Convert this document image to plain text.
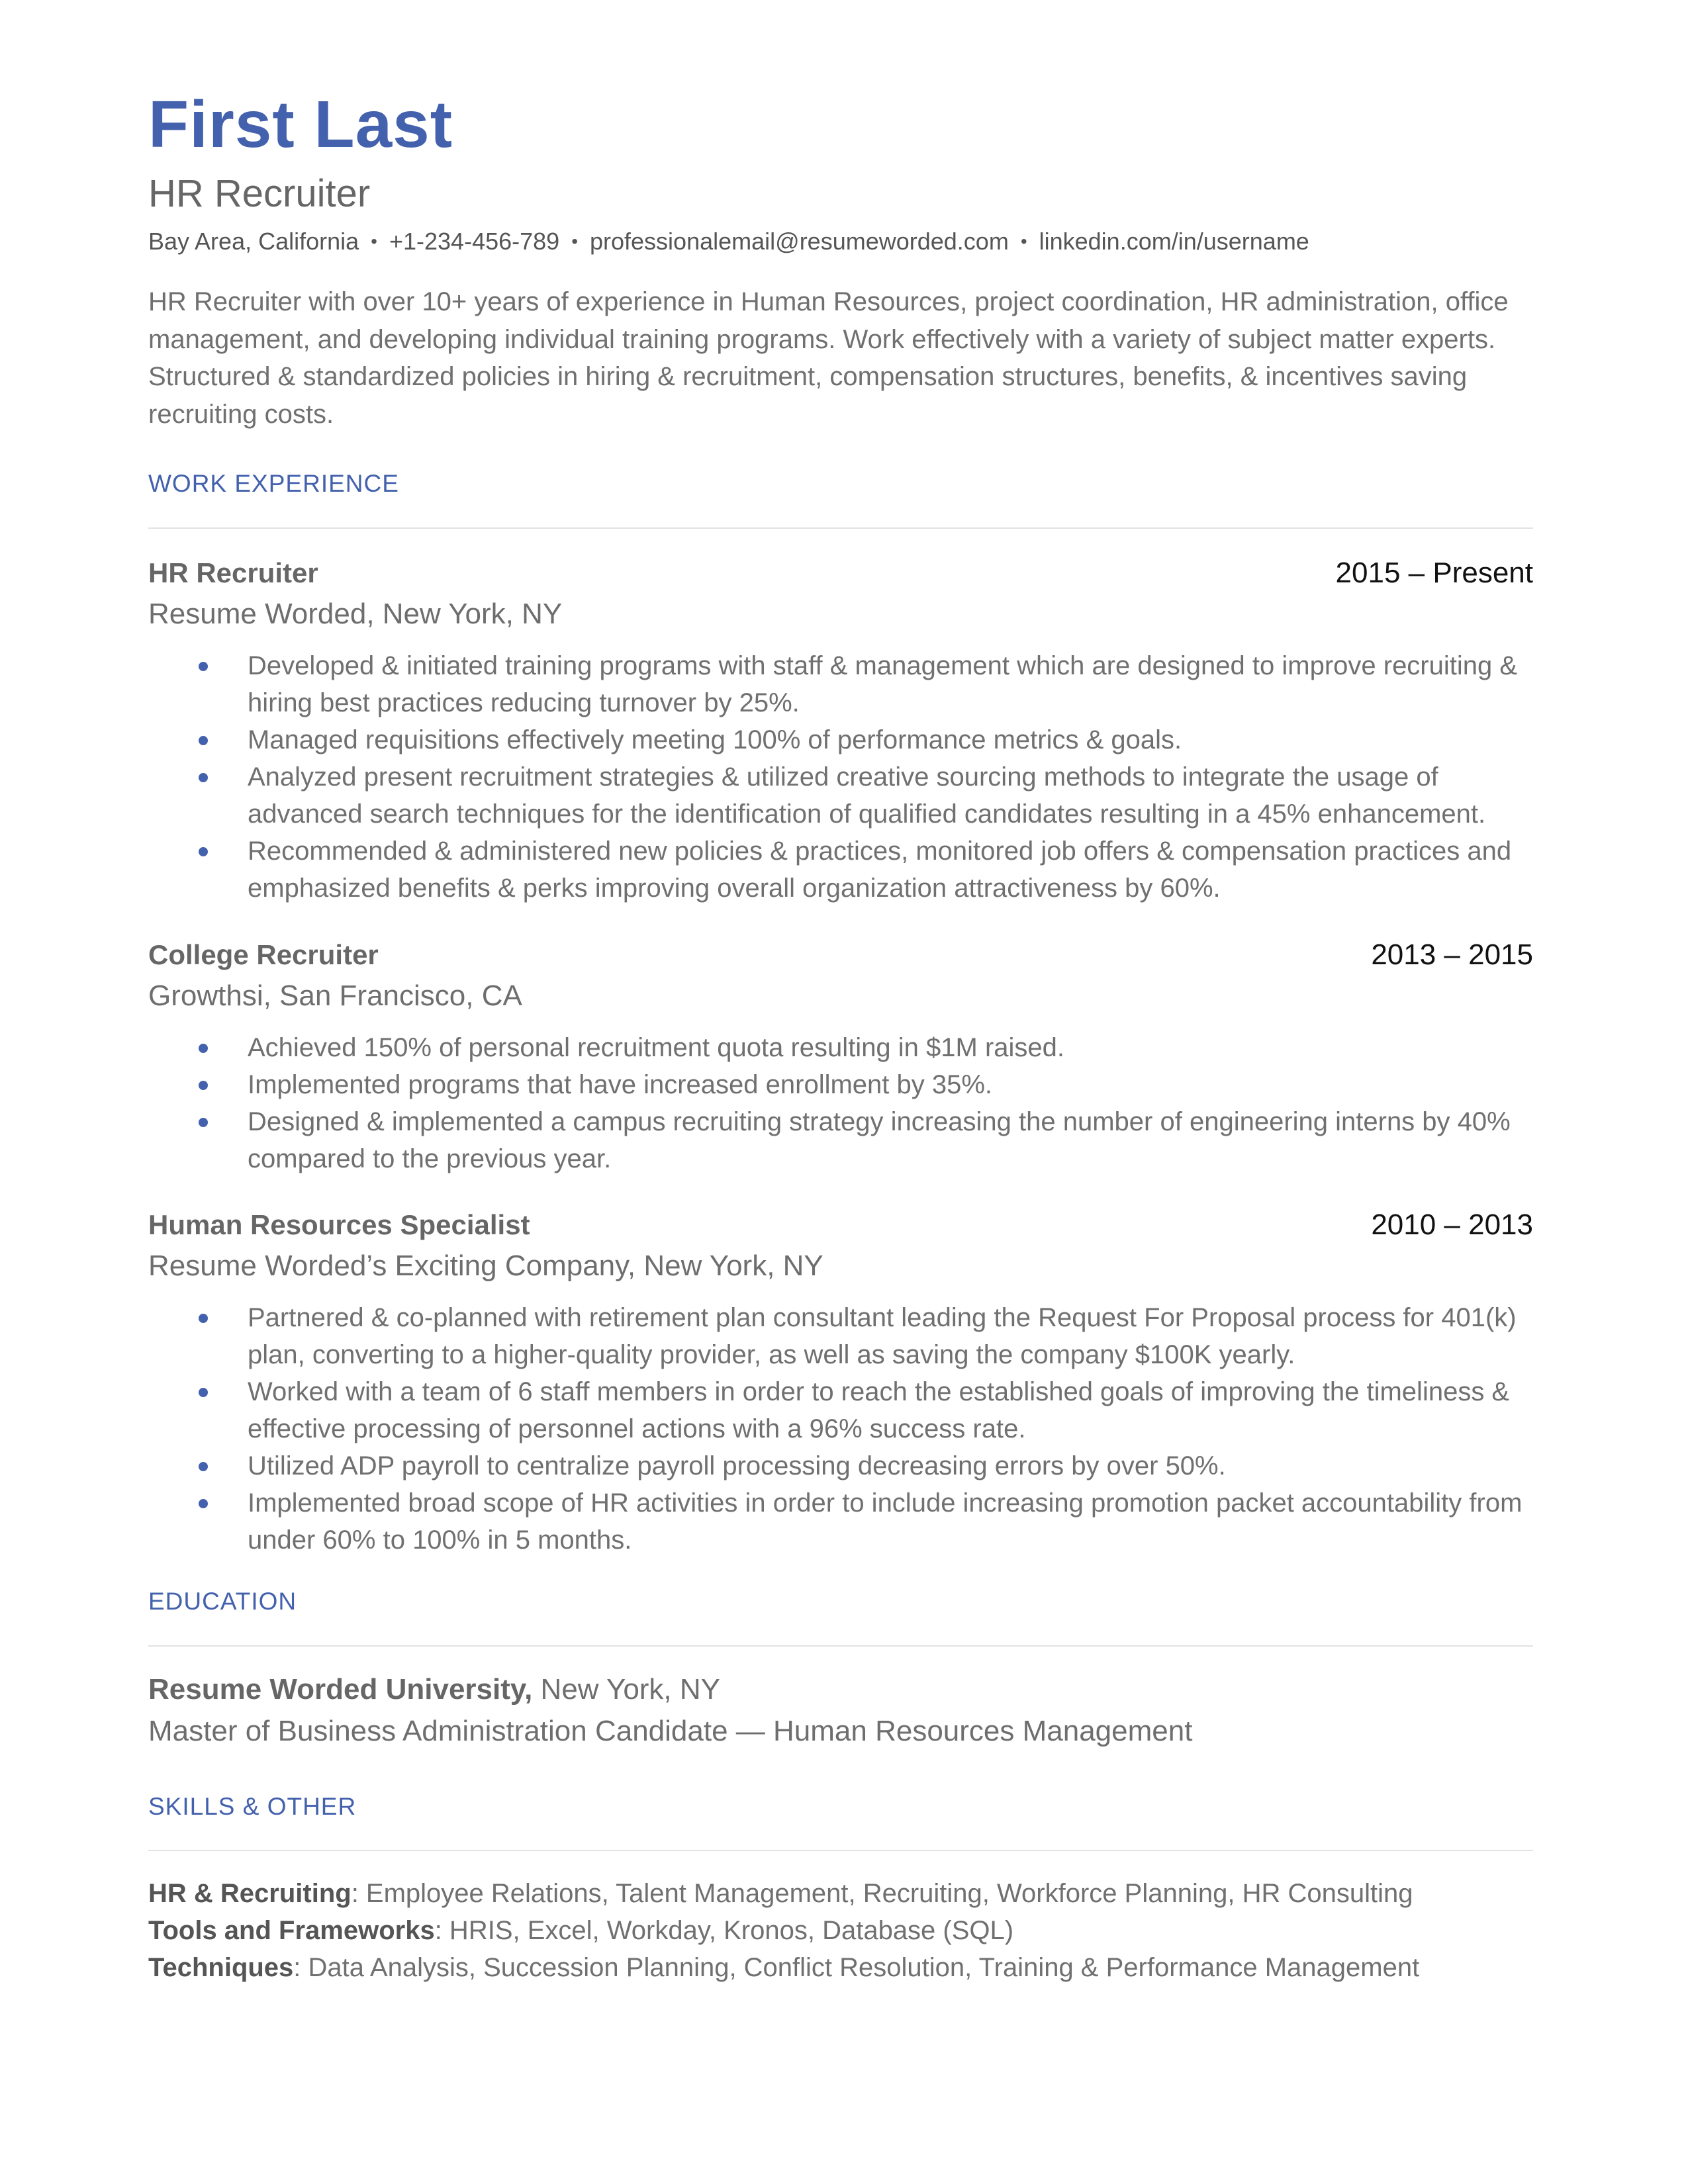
First Last
HR Recruiter
Bay Area, California • +1-234-456-789 • professionalemail@resumeworded.com • linkedin.com/in/username
HR Recruiter with over 10+ years of experience in Human Resources, project coordination, HR administration, office management, and developing individual training programs. Work effectively with a variety of subject matter experts. Structured & standardized policies in hiring & recruitment, compensation structures, benefits, & incentives saving recruiting costs.
WORK EXPERIENCE
HR Recruiter	2015 – Present
Resume Worded, New York, NY
Developed & initiated training programs with staff & management which are designed to improve recruiting & hiring best practices reducing turnover by 25%.
Managed requisitions effectively meeting 100% of performance metrics & goals.
Analyzed present recruitment strategies & utilized creative sourcing methods to integrate the usage of advanced search techniques for the identification of qualified candidates resulting in a 45% enhancement.
Recommended & administered new policies & practices, monitored job offers & compensation practices and emphasized benefits & perks improving overall organization attractiveness by 60%.
College Recruiter	2013 – 2015
Growthsi, San Francisco, CA
Achieved 150% of personal recruitment quota resulting in $1M raised.
Implemented programs that have increased enrollment by 35%.
Designed & implemented a campus recruiting strategy increasing the number of engineering interns by 40% compared to the previous year.
Human Resources Specialist	2010 – 2013
Resume Worded’s Exciting Company, New York, NY
Partnered & co-planned with retirement plan consultant leading the Request For Proposal process for 401(k) plan, converting to a higher-quality provider, as well as saving the company $100K yearly.
Worked with a team of 6 staff members in order to reach the established goals of improving the timeliness & effective processing of personnel actions with a 96% success rate.
Utilized ADP payroll to centralize payroll processing decreasing errors by over 50%.
Implemented broad scope of HR activities in order to include increasing promotion packet accountability from under 60% to 100% in 5 months.
EDUCATION
Resume Worded University, New York, NY
Master of Business Administration Candidate — Human Resources Management
SKILLS & OTHER
HR & Recruiting: Employee Relations, Talent Management, Recruiting, Workforce Planning, HR Consulting
Tools and Frameworks: HRIS, Excel, Workday, Kronos, Database (SQL)
Techniques: Data Analysis, Succession Planning, Conflict Resolution, Training & Performance Management
